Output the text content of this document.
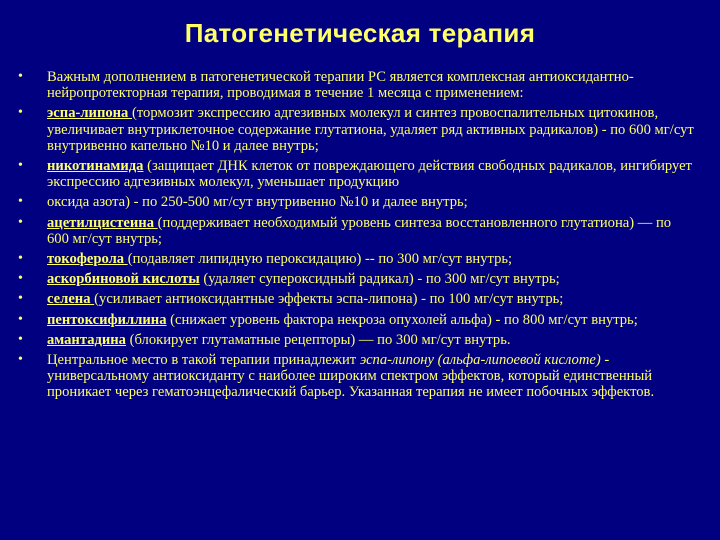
Патогенетическая терапия
• Важным дополнением в патогенетической терапии РС является комплексная антиоксидантно-нейропротекторная терапия, проводимая в течение 1 месяца с применением:
• эспа-липона (тормозит экспрессию адгезивных молекул и синтез провоспалительных цитокинов, увеличивает внутриклеточное содержание глутатиона, удаляет ряд активных радикалов) - по 600 мг/сут внутривенно капельно №10 и далее внутрь;
• никотинамида (защищает ДНК клеток от повреждающего действия свободных радикалов, ингибирует экспрессию адгезивных молекул, уменьшает продукцию
• оксида азота) - по 250-500 мг/сут внутривенно №10 и далее внутрь;
• ацетилцистеина (поддерживает необходимый уровень синтеза восстановленного глутатиона) — по 600 мг/сут внутрь;
• токоферола (подавляет липидную пероксидацию) -- по 300 мг/сут внутрь;
• аскорбиновой кислоты (удаляет супероксидный радикал) - по 300 мг/сут внутрь;
• селена (усиливает антиоксидантные эффекты эспа-липона) - по 100 мг/сут внутрь;
• пентоксифиллина (снижает уровень фактора некроза опухолей альфа) - по 800 мг/сут внутрь;
• амантадина (блокирует глутаматные рецепторы) — по 300 мг/сут внутрь.
• Центральное место в такой терапии принадлежит эспа-липону (альфа-липоевой кислоте) - универсальному антиоксиданту с наиболее широким спектром эффектов, который единственный проникает через гематоэнцефалический барьер. Указанная терапия не имеет побочных эффектов.
